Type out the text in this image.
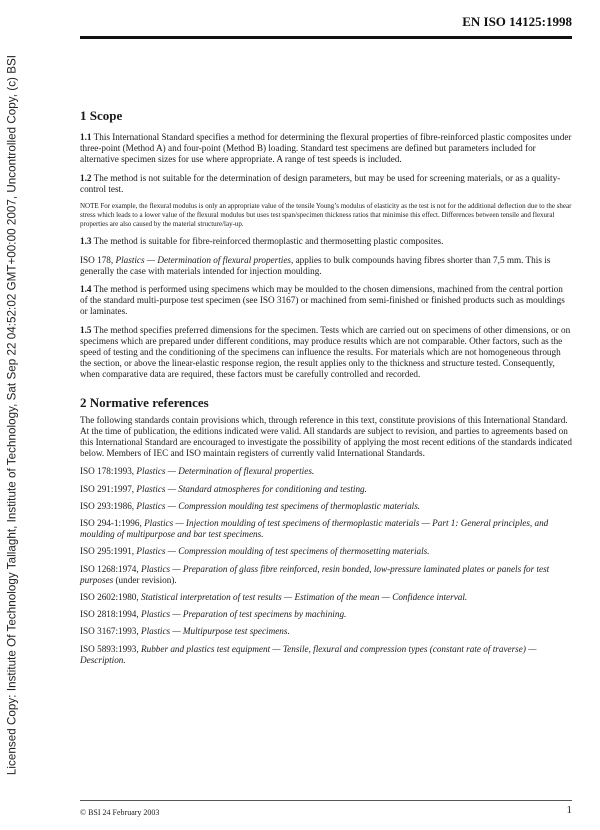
Licensed Copy: Institute Of Technology Tallaght, Institute of Technology, Sat Sep 22 04:52:02 GMT+00:00 2007, Uncontrolled Copy, (c) BSI
EN ISO 14125:1998
1 Scope

1.1 This International Standard specifies a method for determining the flexural properties of fibre-reinforced plastic composites under three-point (Method A) and four-point (Method B) loading. Standard test specimens are defined but parameters included for alternative specimen sizes for use where appropriate. A range of test speeds is included.

1.2 The method is not suitable for the determination of design parameters, but may be used for screening materials, or as a quality-control test.

NOTE For example, the flexural modulus is only an appropriate value of the tensile Young’s modulus of elasticity as the test is not for the additional deflection due to the shear stress which leads to a lower value of the flexural modulus but uses test span/specimen thickness ratios that minimise this effect. Differences between tensile and flexural properties are also caused by the material structure/lay-up.

1.3 The method is suitable for fibre-reinforced thermoplastic and thermosetting plastic composites.

ISO 178, Plastics — Determination of flexural properties, applies to bulk compounds having fibres shorter than 7,5 mm. This is generally the case with materials intended for injection moulding.

1.4 The method is performed using specimens which may be moulded to the chosen dimensions, machined from the central portion of the standard multi-purpose test specimen (see ISO 3167) or machined from semi-finished or finished products such as mouldings or laminates.

1.5 The method specifies preferred dimensions for the specimen. Tests which are carried out on specimens of other dimensions, or on specimens which are prepared under different conditions, may produce results which are not comparable. Other factors, such as the speed of testing and the conditioning of the specimens can influence the results. For materials which are not homogeneous through the section, or above the linear-elastic response region, the result applies only to the thickness and structure tested. Consequently, when comparative data are required, these factors must be carefully controlled and recorded.

2 Normative references

The following standards contain provisions which, through reference in this text, constitute provisions of this International Standard. At the time of publication, the editions indicated were valid. All standards are subject to revision, and parties to agreements based on this International Standard are encouraged to investigate the possibility of applying the most recent editions of the standards indicated below. Members of IEC and ISO maintain registers of currently valid International Standards.

ISO 178:1993, Plastics — Determination of flexural properties.

ISO 291:1997, Plastics — Standard atmospheres for conditioning and testing.

ISO 293:1986, Plastics — Compression moulding test specimens of thermoplastic materials.

ISO 294-1:1996, Plastics — Injection moulding of test specimens of thermoplastic materials — Part 1: General principles, and moulding of multipurpose and bar test specimens.

ISO 295:1991, Plastics — Compression moulding of test specimens of thermosetting materials.

ISO 1268:1974, Plastics — Preparation of glass fibre reinforced, resin bonded, low-pressure laminated plates or panels for test purposes (under revision).

ISO 2602:1980, Statistical interpretation of test results — Estimation of the mean — Confidence interval.

ISO 2818:1994, Plastics — Preparation of test specimens by machining.

ISO 3167:1993, Plastics — Multipurpose test specimens.

ISO 5893:1993, Rubber and plastics test equipment — Tensile, flexural and compression types (constant rate of traverse) — Description.

© BSI 24 February 2003	1
